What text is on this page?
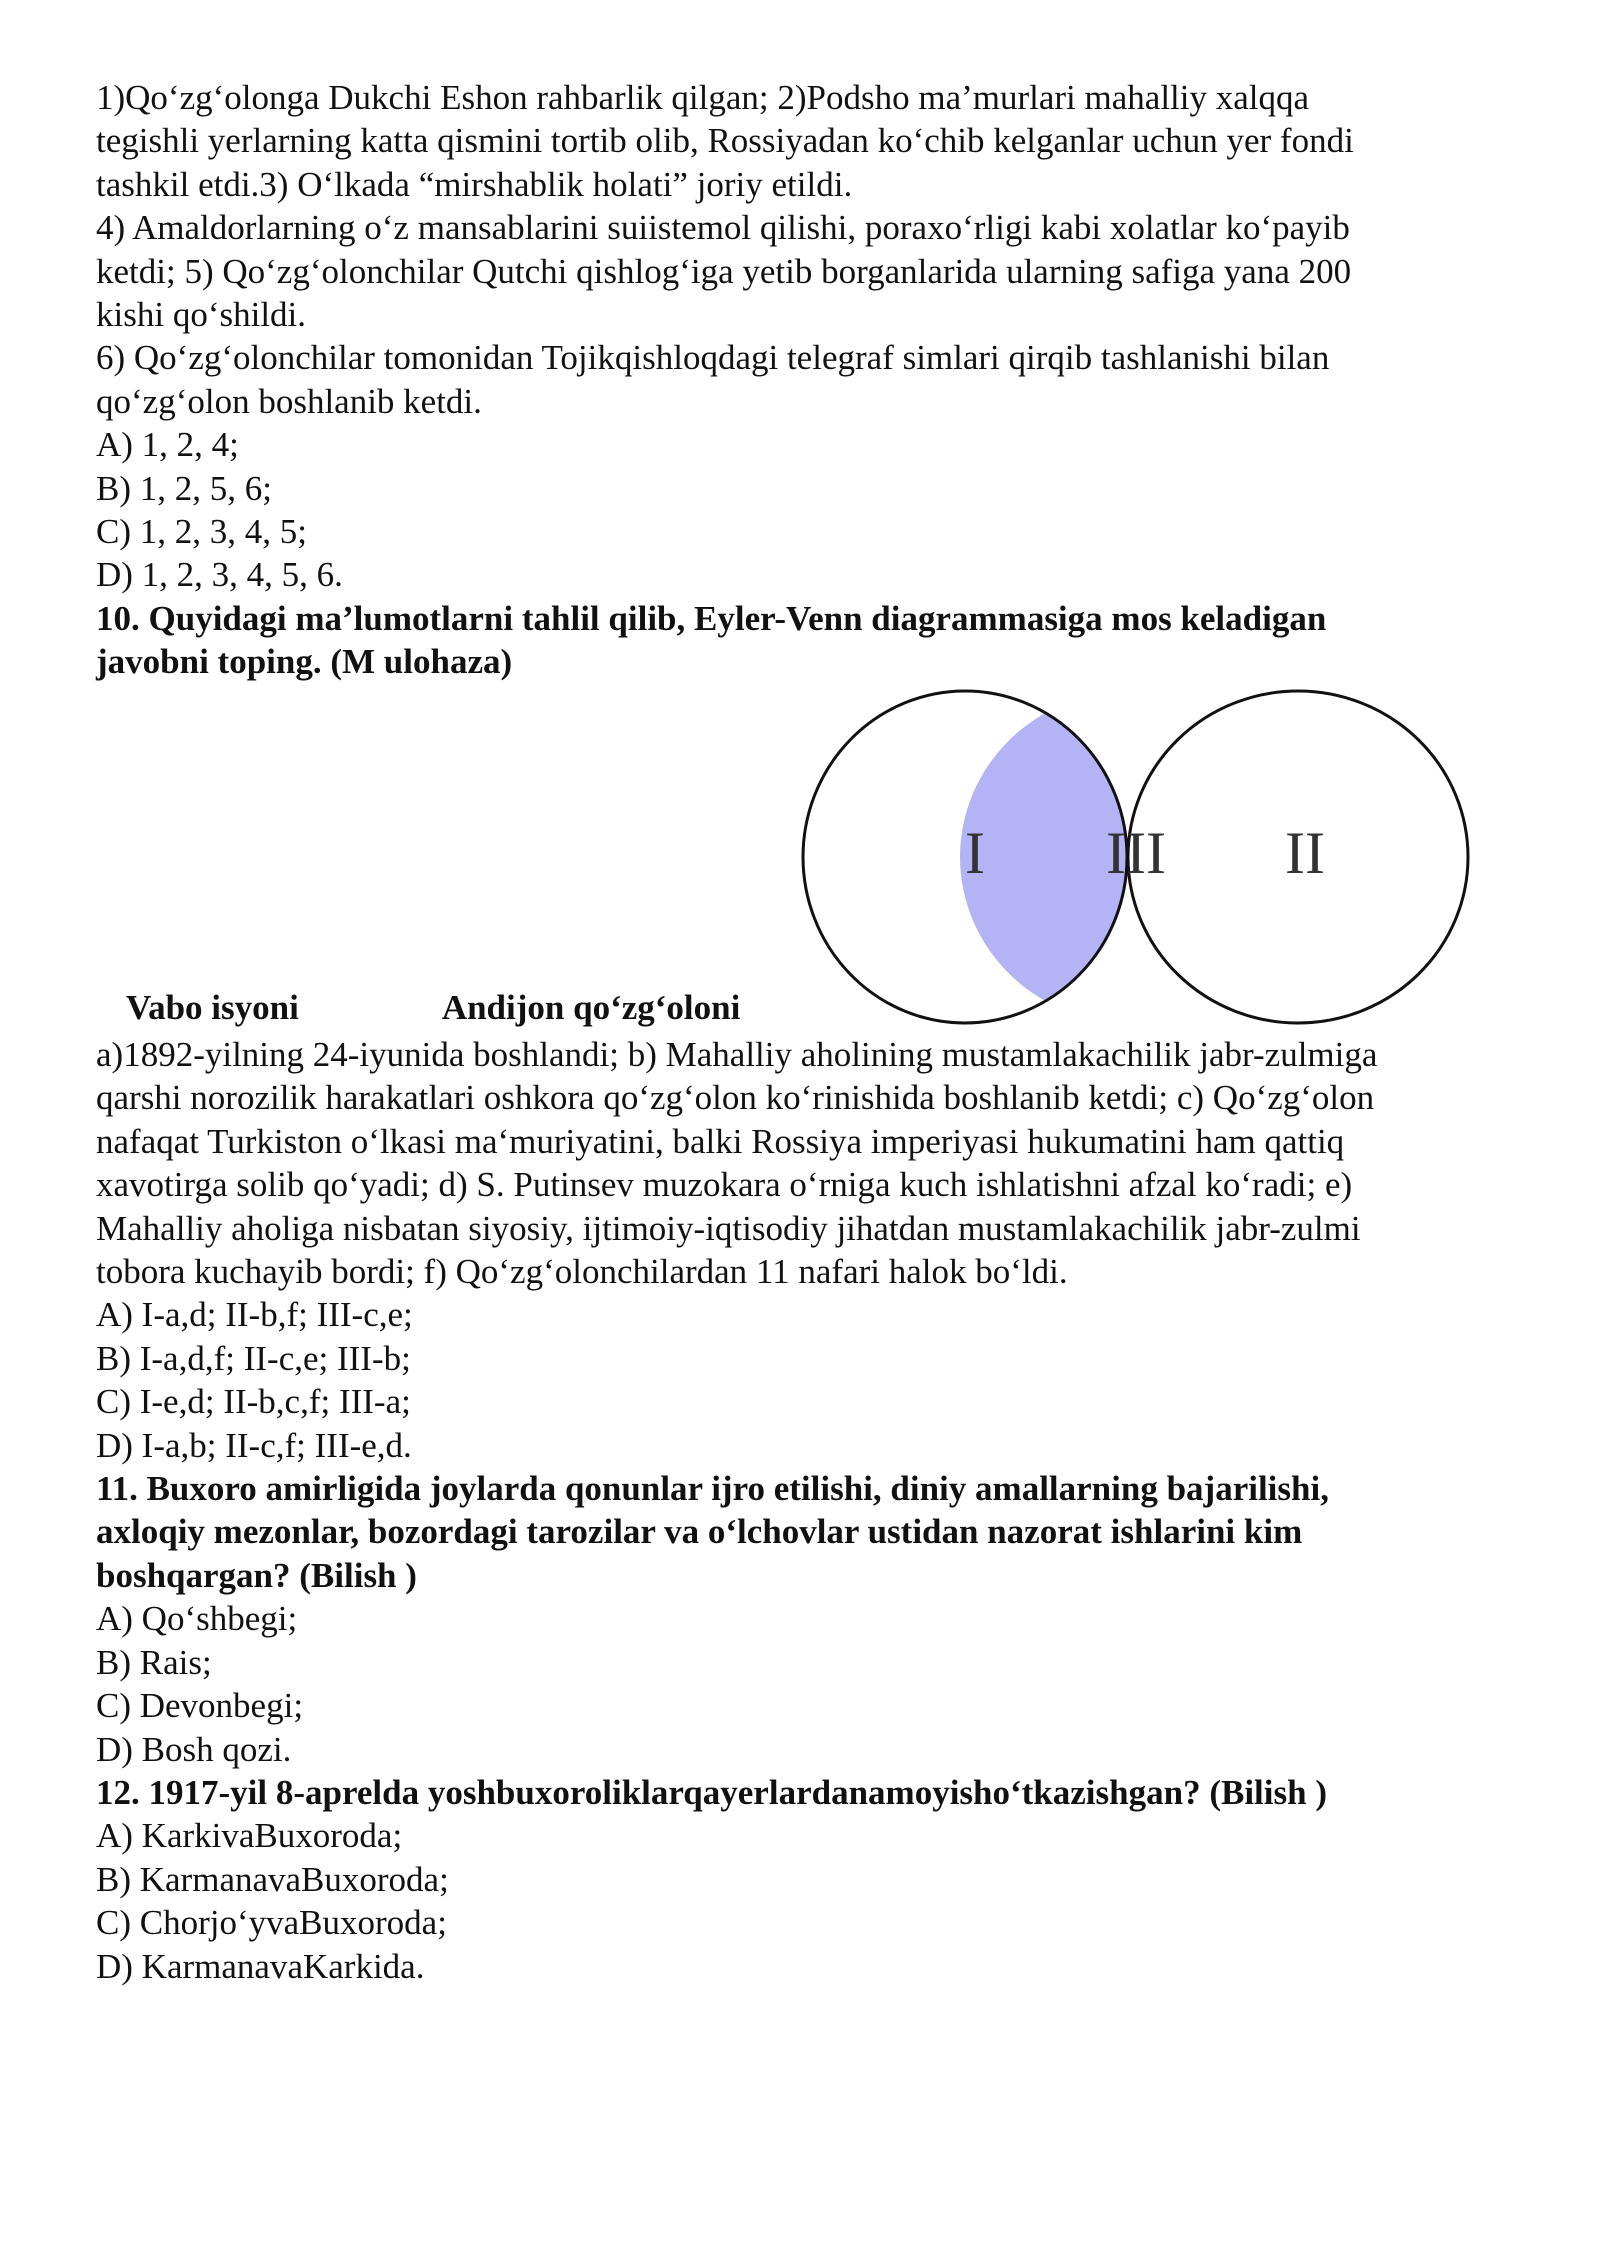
1)Qo‘zg‘olonga Dukchi Eshon rahbarlik qilgan; 2)Podsho ma’murlari mahalliy xalqqa
tegishli yerlarning katta qismini tortib olib, Rossiyadan ko‘chib kelganlar uchun yer fondi
tashkil etdi.3) O‘lkada “mirshablik holati” joriy etildi.
4) Amaldorlarning o‘z mansablarini suiistemol qilishi, poraxo‘rligi kabi xolatlar ko‘payib
ketdi; 5) Qo‘zg‘olonchilar Qutchi qishlog‘iga yetib borganlarida ularning safiga yana 200
kishi qo‘shildi.
6) Qo‘zg‘olonchilar tomonidan Tojikqishloqdagi telegraf simlari qirqib tashlanishi bilan
qo‘zg‘olon boshlanib ketdi.
A) 1, 2, 4;
B) 1, 2, 5, 6;
C) 1, 2, 3, 4, 5;
D) 1, 2, 3, 4, 5, 6.
10. Quyidagi ma’lumotlarni tahlil qilib, Eyler-Venn diagrammasiga mos keladigan
javobni toping. (M ulohaza)
I III II
Vabo isyoni	Andijon qo‘zg‘oloni
a)1892-yilning 24-iyunida boshlandi; b) Mahalliy aholining mustamlakachilik jabr-zulmiga
qarshi norozilik harakatlari oshkora qo‘zg‘olon ko‘rinishida boshlanib ketdi; c) Qo‘zg‘olon
nafaqat Turkiston o‘lkasi ma‘muriyatini, balki Rossiya imperiyasi hukumatini ham qattiq
xavotirga solib qo‘yadi; d) S. Putinsev muzokara o‘rniga kuch ishlatishni afzal ko‘radi; e)
Mahalliy aholiga nisbatan siyosiy, ijtimoiy-iqtisodiy jihatdan mustamlakachilik jabr-zulmi
tobora kuchayib bordi; f) Qo‘zg‘olonchilardan 11 nafari halok bo‘ldi.
A) I-a,d; II-b,f; III-c,e;
B) I-a,d,f; II-c,e; III-b;
C) I-e,d; II-b,c,f; III-a;
D) I-a,b; II-c,f; III-e,d.
11. Buxoro amirligida joylarda qonunlar ijro etilishi, diniy amallarning bajarilishi,
axloqiy mezonlar, bozordagi tarozilar va o‘lchovlar ustidan nazorat ishlarini kim
boshqargan? (Bilish )
A) Qo‘shbegi;
B) Rais;
C) Devonbegi;
D) Bosh qozi.
12. 1917-yil 8-aprelda yoshbuxoroliklarqayerlardanamoyisho‘tkazishgan? (Bilish )
A) KarkivaBuxoroda;
B) KarmanavaBuxoroda;
C) Chorjo‘yvaBuxoroda;
D) KarmanavaKarkida.
